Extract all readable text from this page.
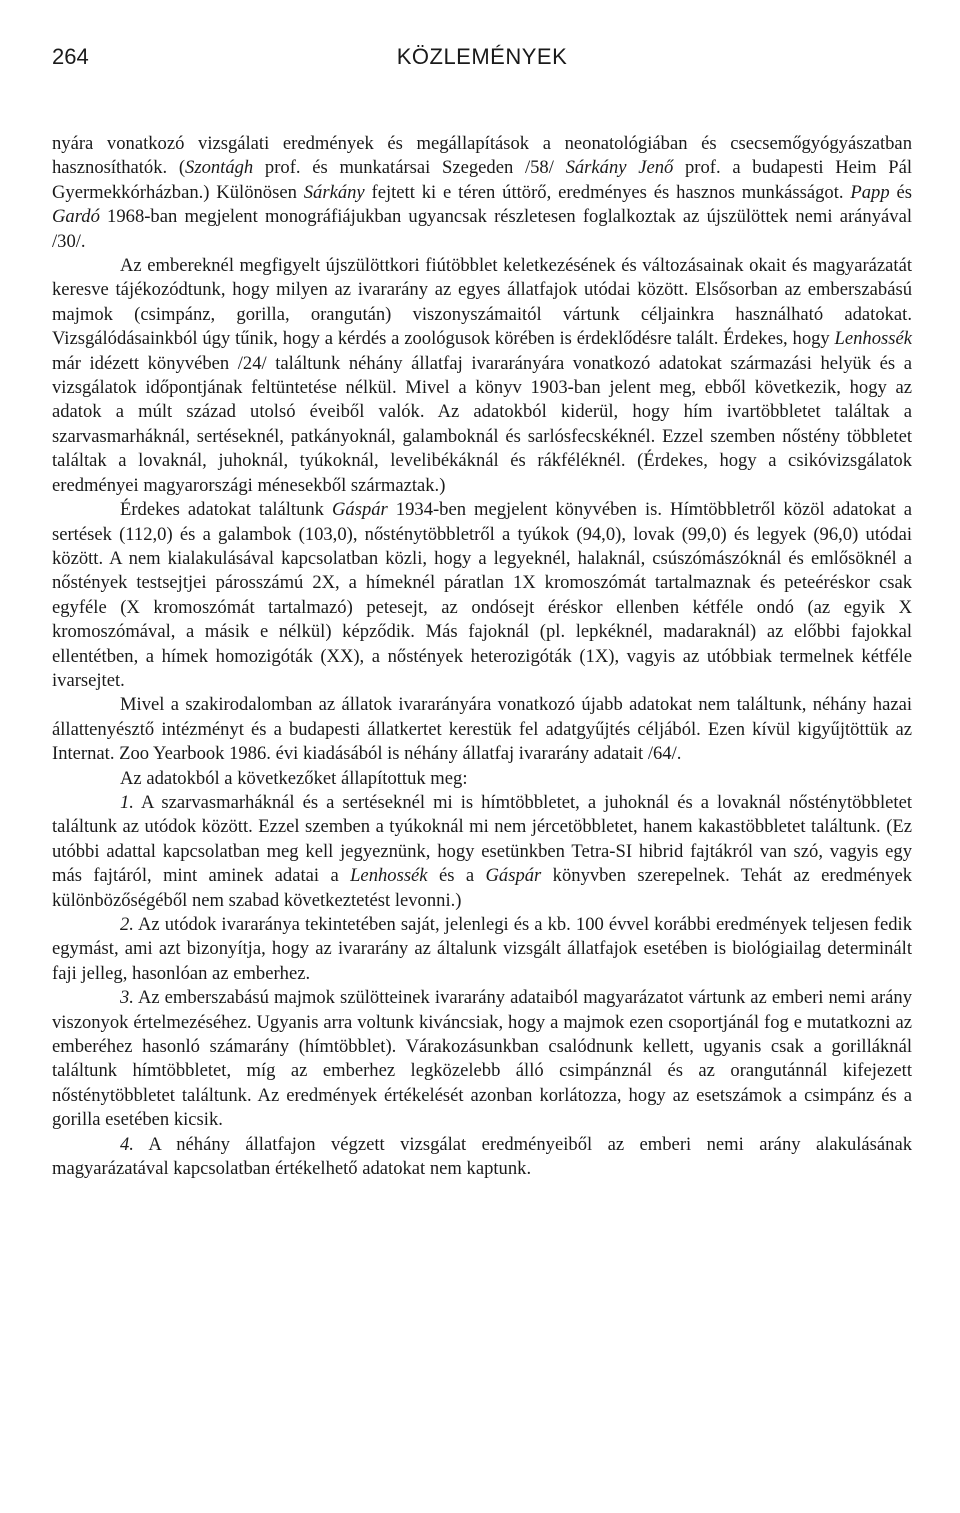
264	KÖZLEMÉNYEK

nyára vonatkozó vizsgálati eredmények és megállapítások a neonatológiában és csecsemőgyógyászatban hasznosíthatók. (Szontágh prof. és munkatársai Szegeden /58/ Sárkány Jenő prof. a budapesti Heim Pál Gyermekkórházban.) Különösen Sárkány fejtett ki e téren úttörő, eredményes és hasznos munkásságot. Papp és Gardó 1968-ban megjelent monográfiájukban ugyancsak részletesen foglalkoztak az újszülöttek nemi arányával /30/.

Az embereknél megfigyelt újszülöttkori fiútöbblet keletkezésének és változásainak okait és magyarázatát keresve tájékozódtunk, hogy milyen az ivararány az egyes állatfajok utódai között. Elsősorban az emberszabású majmok (csimpánz, gorilla, orangután) viszonyszámaitól vártunk céljainkra használható adatokat. Vizsgálódásainkból úgy tűnik, hogy a kérdés a zoológusok körében is érdeklődésre talált. Érdekes, hogy Lenhossék már idézett könyvében /24/ találtunk néhány állatfaj ivararányára vonatkozó adatokat származási helyük és a vizsgálatok időpontjának feltüntetése nélkül. Mivel a könyv 1903-ban jelent meg, ebből következik, hogy az adatok a múlt század utolsó éveiből valók. Az adatokból kiderül, hogy hím ivartöbbletet találtak a szarvasmarháknál, sertéseknél, patkányoknál, galamboknál és sarlósfecskéknél. Ezzel szemben nőstény többletet találtak a lovaknál, juhoknál, tyúkoknál, levelibékáknál és rákféléknél. (Érdekes, hogy a csikóvizsgálatok eredményei magyarországi ménesekből származtak.)

Érdekes adatokat találtunk Gáspár 1934-ben megjelent könyvében is. Hímtöbbletről közöl adatokat a sertések (112,0) és a galambok (103,0), nősténytöbbletről a tyúkok (94,0), lovak (99,0) és legyek (96,0) utódai között. A nem kialakulásával kapcsolatban közli, hogy a legyeknél, halaknál, csúszómászóknál és emlősöknél a nőstények testsejtjei párosszámú 2X, a hímeknél páratlan 1X kromoszómát tartalmaznak és peteéréskor csak egyféle (X kromoszómát tartalmazó) petesejt, az ondósejt éréskor ellenben kétféle ondó (az egyik X kromoszómával, a másik e nélkül) képződik. Más fajoknál (pl. lepkéknél, madaraknál) az előbbi fajokkal ellentétben, a hímek homozigóták (XX), a nőstények heterozigóták (1X), vagyis az utóbbiak termelnek kétféle ivarsejtet.

Mivel a szakirodalomban az állatok ivararányára vonatkozó újabb adatokat nem találtunk, néhány hazai állattenyésztő intézményt és a budapesti állatkertet kerestük fel adatgyűjtés céljából. Ezen kívül kigyűjtöttük az Internat. Zoo Yearbook 1986. évi kiadásából is néhány állatfaj ivararány adatait /64/.

Az adatokból a következőket állapítottuk meg:

1. A szarvasmarháknál és a sertéseknél mi is hímtöbbletet, a juhoknál és a lovaknál nősténytöbbletet találtunk az utódok között. Ezzel szemben a tyúkoknál mi nem jércetöbbletet, hanem kakastöbbletet találtunk. (Ez utóbbi adattal kapcsolatban meg kell jegyeznünk, hogy esetünkben Tetra-SI hibrid fajtákról van szó, vagyis egy más fajtáról, mint aminek adatai a Lenhossék és a Gáspár könyvben szerepelnek. Tehát az eredmények különbözőségéből nem szabad következtetést levonni.)

2. Az utódok ivararánya tekintetében saját, jelenlegi és a kb. 100 évvel korábbi eredmények teljesen fedik egymást, ami azt bizonyítja, hogy az ivararány az általunk vizsgált állatfajok esetében is biológiailag determinált faji jelleg, hasonlóan az emberhez.

3. Az emberszabású majmok szülötteinek ivararány adataiból magyarázatot vártunk az emberi nemi arány viszonyok értelmezéséhez. Ugyanis arra voltunk kiváncsiak, hogy a majmok ezen csoportjánál fog e mutatkozni az emberéhez hasonló számarány (hímtöbblet). Várakozásunkban csalódnunk kellett, ugyanis csak a gorilláknál találtunk hímtöbbletet, míg az emberhez legközelebb álló csimpánznál és az orangutánnál kifejezett nősténytöbbletet találtunk. Az eredmények értékelését azonban korlátozza, hogy az esetszámok a csimpánz és a gorilla esetében kicsik.

4. A néhány állatfajon végzett vizsgálat eredményeiből az emberi nemi arány alakulásának magyarázatával kapcsolatban értékelhető adatokat nem kaptunk.
